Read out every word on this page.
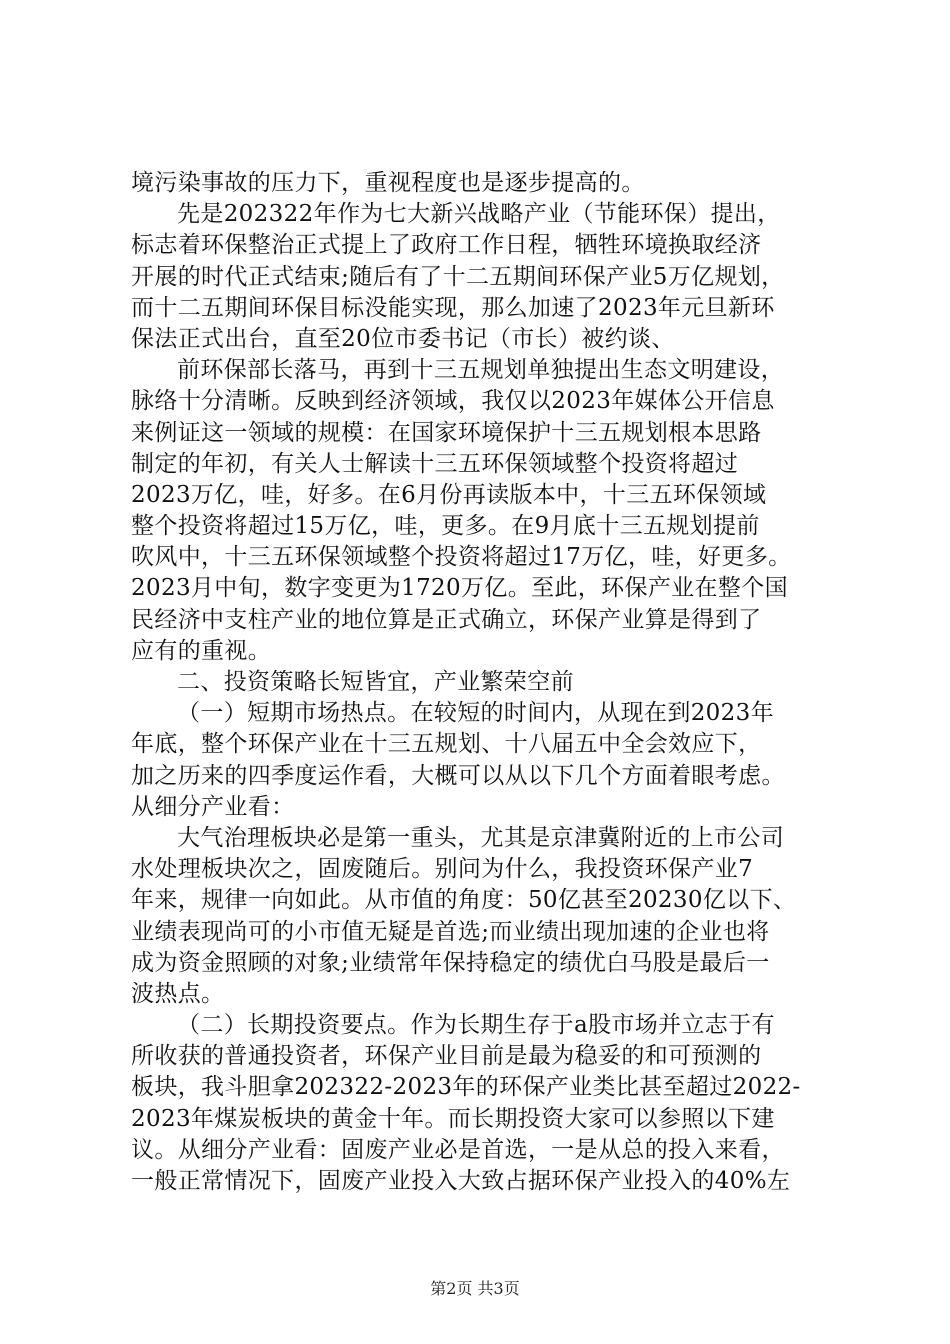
境污染事故的压力下，重视程度也是逐步提高的。
先是202322年作为七大新兴战略产业（节能环保）提出，
标志着环保整治正式提上了政府工作日程，牺牲环境换取经济
开展的时代正式结束;随后有了十二五期间环保产业5万亿规划，
而十二五期间环保目标没能实现，那么加速了2023年元旦新环
保法正式出台，直至20位市委书记（市长）被约谈、
前环保部长落马，再到十三五规划单独提出生态文明建设，
脉络十分清晰。反映到经济领域，我仅以2023年媒体公开信息
来例证这一领域的规模：在国家环境保护十三五规划根本思路
制定的年初，有关人士解读十三五环保领域整个投资将超过
2023万亿，哇，好多。在6月份再读版本中，十三五环保领域
整个投资将超过15万亿，哇，更多。在9月底十三五规划提前
吹风中，十三五环保领域整个投资将超过17万亿，哇，好更多。
2023月中旬，数字变更为1720万亿。至此，环保产业在整个国
民经济中支柱产业的地位算是正式确立，环保产业算是得到了
应有的重视。
二、投资策略长短皆宜，产业繁荣空前
（一）短期市场热点。在较短的时间内，从现在到2023年
年底，整个环保产业在十三五规划、十八届五中全会效应下，
加之历来的四季度运作看，大概可以从以下几个方面着眼考虑。
从细分产业看：
大气治理板块必是第一重头，尤其是京津冀附近的上市公司
水处理板块次之，固废随后。别问为什么，我投资环保产业7
年来，规律一向如此。从市值的角度：50亿甚至20230亿以下、
业绩表现尚可的小市值无疑是首选;而业绩出现加速的企业也将
成为资金照顾的对象;业绩常年保持稳定的绩优白马股是最后一
波热点。
（二）长期投资要点。作为长期生存于a股市场并立志于有
所收获的普通投资者，环保产业目前是最为稳妥的和可预测的
板块，我斗胆拿202322-2023年的环保产业类比甚至超过2022-
2023年煤炭板块的黄金十年。而长期投资大家可以参照以下建
议。从细分产业看：固废产业必是首选，一是从总的投入来看，
一般正常情况下，固废产业投入大致占据环保产业投入的40%左
第2页 共3页
